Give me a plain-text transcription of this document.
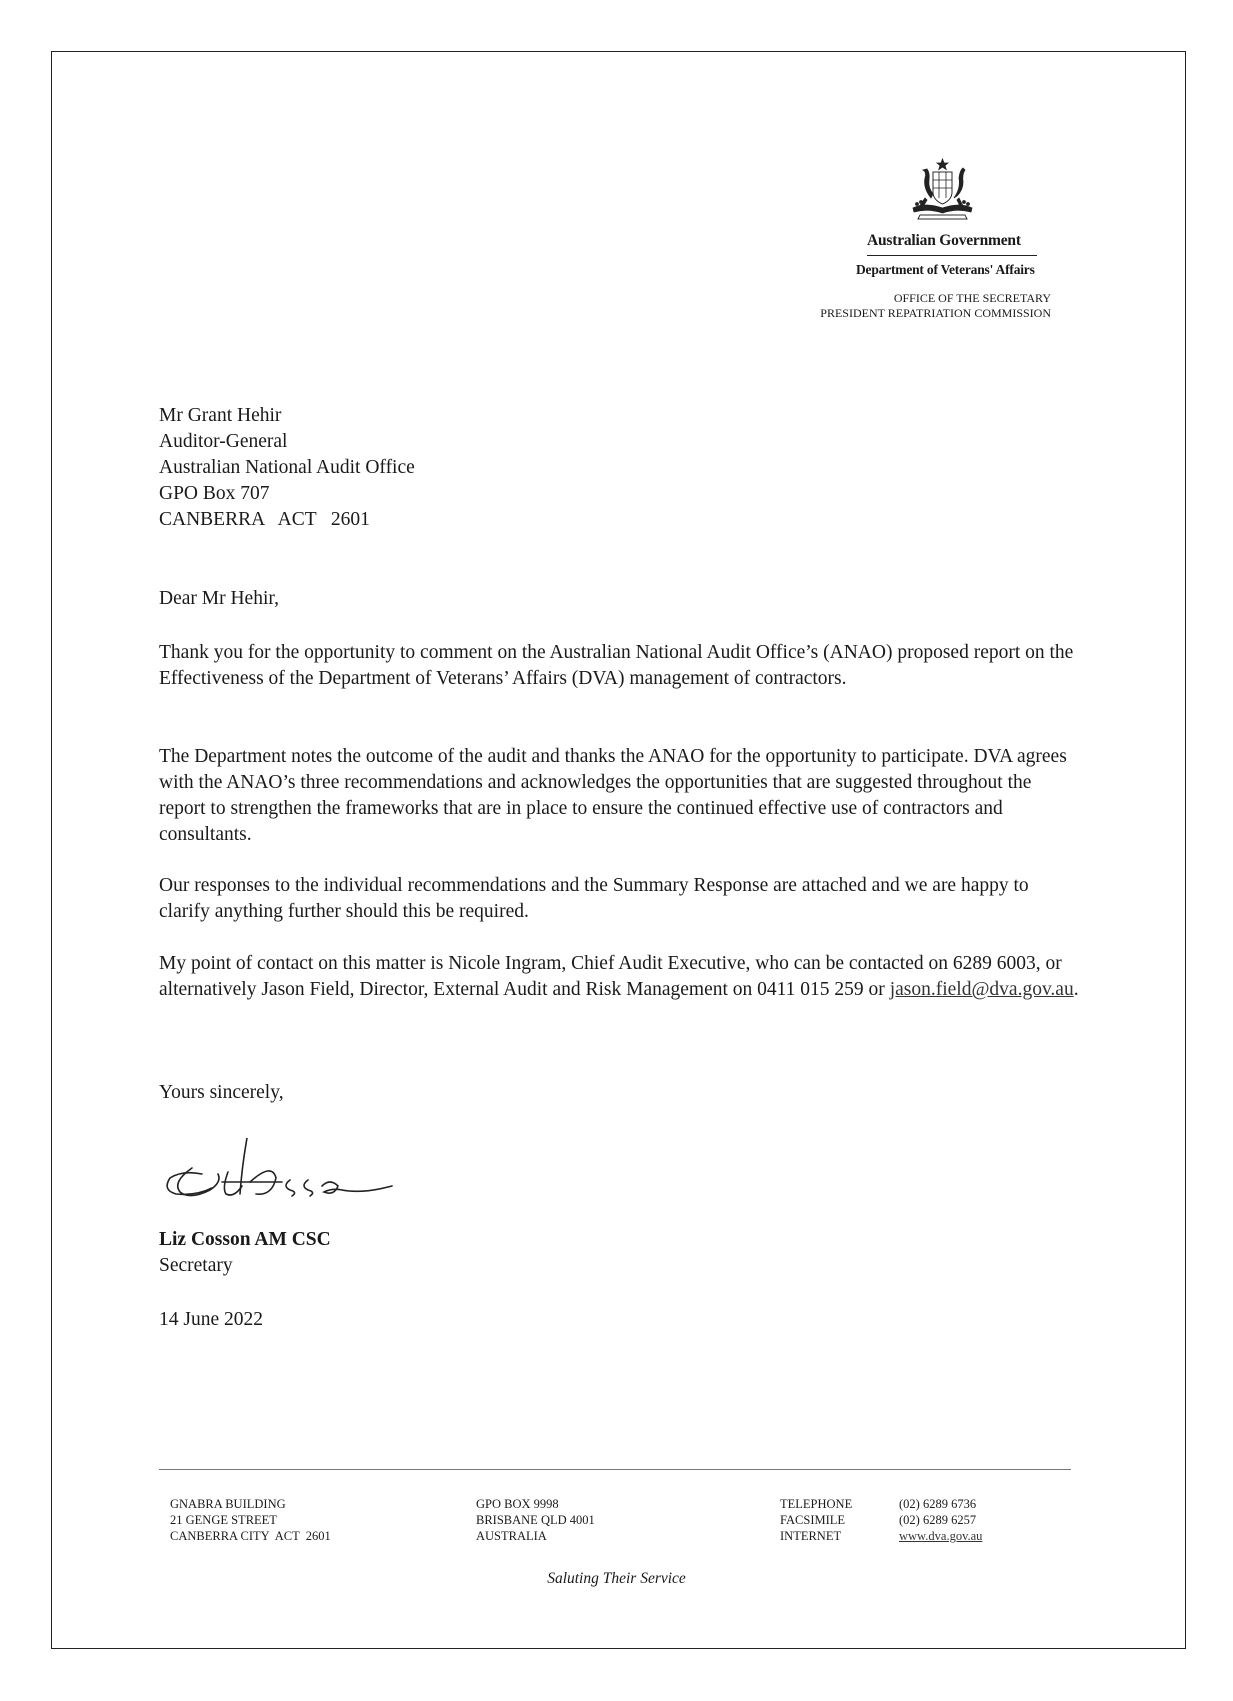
Australian Government
Department of Veterans' Affairs
OFFICE OF THE SECRETARY
PRESIDENT REPATRIATION COMMISSION
Mr Grant Hehir
Auditor-General
Australian National Audit Office
GPO Box 707
CANBERRA   ACT   2601
Dear Mr Hehir,
Thank you for the opportunity to comment on the Australian National Audit Office’s (ANAO) proposed report on the Effectiveness of the Department of Veterans’ Affairs (DVA) management of contractors.
The Department notes the outcome of the audit and thanks the ANAO for the opportunity to participate. DVA agrees with the ANAO’s three recommendations and acknowledges the opportunities that are suggested throughout the report to strengthen the frameworks that are in place to ensure the continued effective use of contractors and consultants.
Our responses to the individual recommendations and the Summary Response are attached and we are happy to clarify anything further should this be required.
My point of contact on this matter is Nicole Ingram, Chief Audit Executive, who can be contacted on 6289 6003, or alternatively Jason Field, Director, External Audit and Risk Management on 0411 015 259 or jason.field@dva.gov.au.
Yours sincerely,
Liz Cosson AM CSC
Secretary
14 June 2022
GNABRA BUILDING
21 GENGE STREET
CANBERRA CITY  ACT  2601
GPO BOX 9998
BRISBANE QLD 4001
AUSTRALIA
TELEPHONE
FACSIMILE
INTERNET
(02) 6289 6736
(02) 6289 6257
www.dva.gov.au
Saluting Their Service
